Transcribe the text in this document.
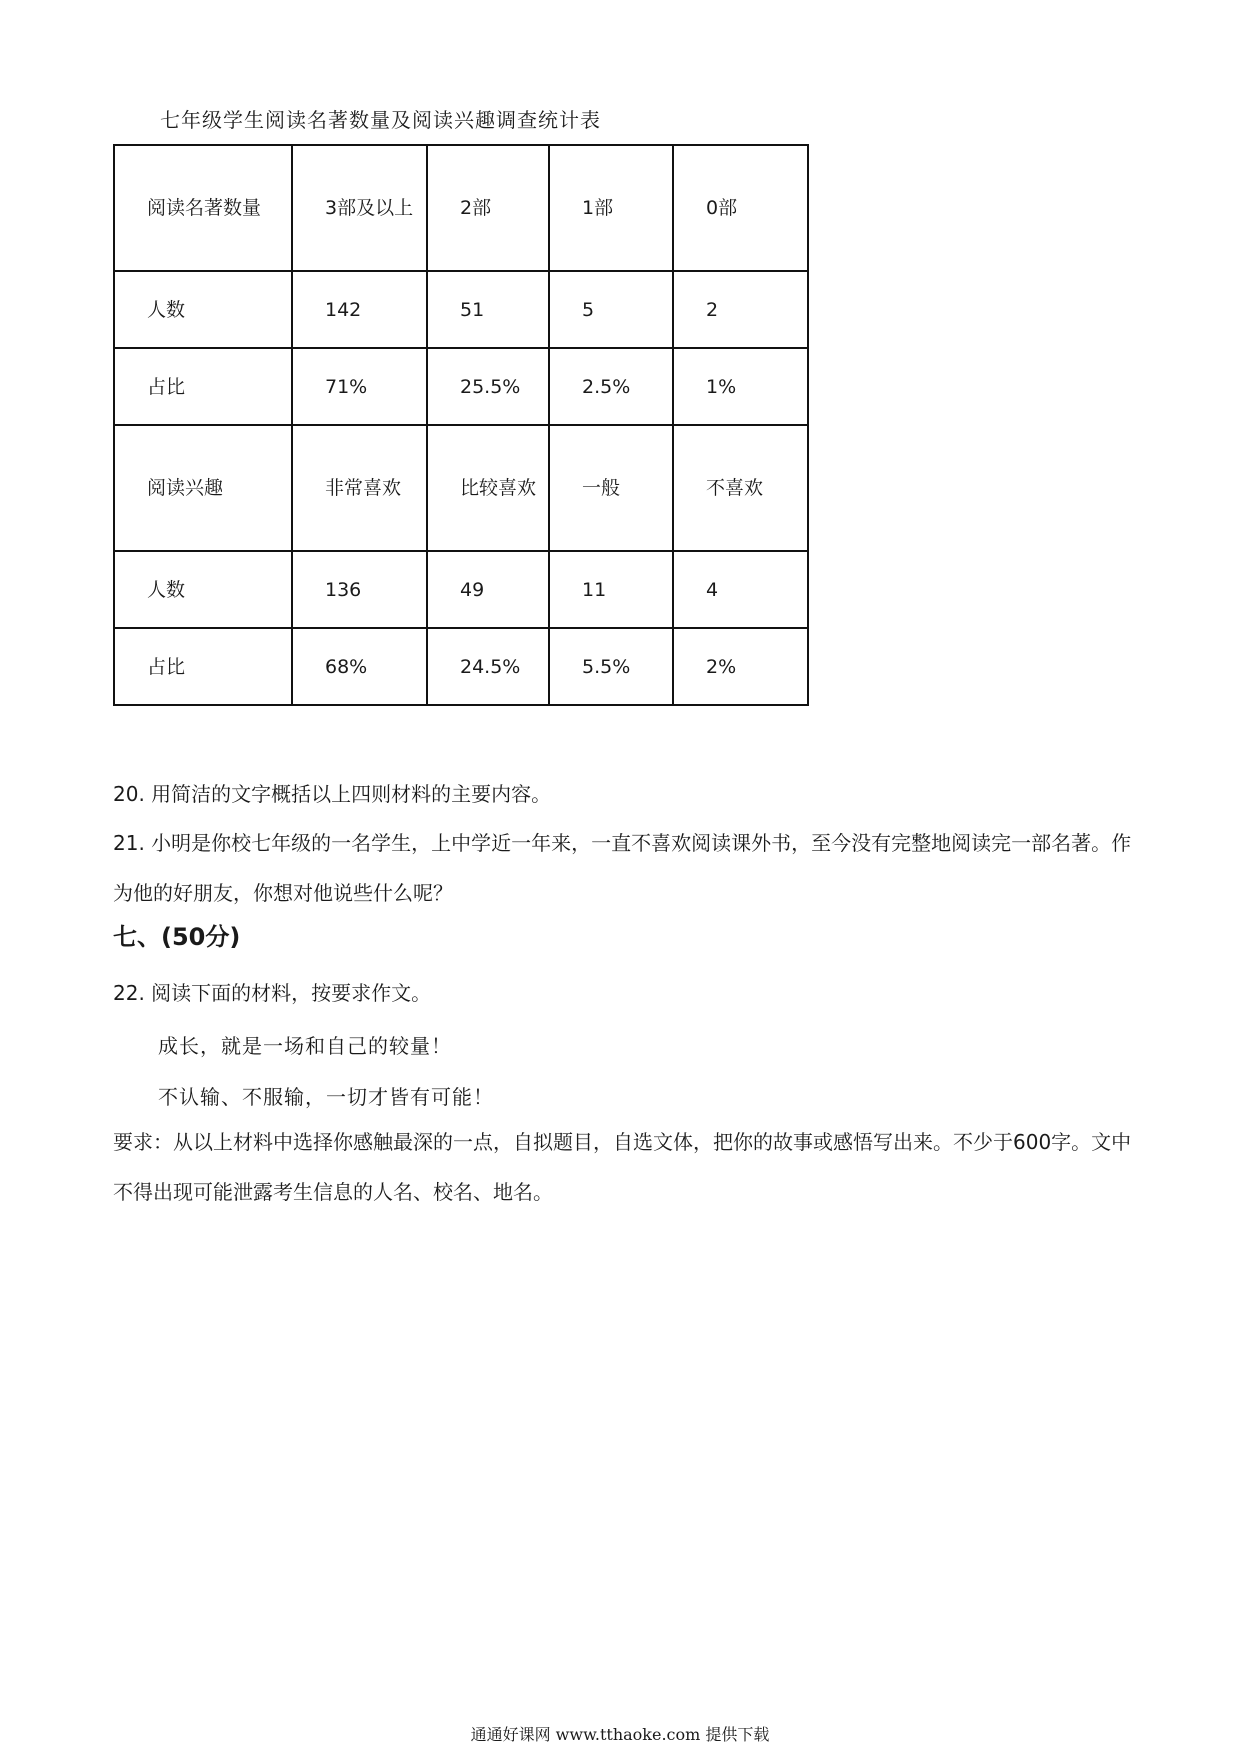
七年级学生阅读名著数量及阅读兴趣调查统计表
阅读名著数量	3部及以上	2部	1部	0部
人数	142	51	5	2
占比	71%	25.5%	2.5%	1%
阅读兴趣	非常喜欢	比较喜欢	一般	不喜欢
人数	136	49	11	4
占比	68%	24.5%	5.5%	2%
20. 用简洁的文字概括以上四则材料的主要内容。
21. 小明是你校七年级的一名学生，上中学近一年来，一直不喜欢阅读课外书，至今没有完整地阅读完一部名著。作为他的好朋友，你想对他说些什么呢？
七、(50分)
22. 阅读下面的材料，按要求作文。
成长，就是一场和自己的较量！
不认输、不服输，一切才皆有可能！
要求：从以上材料中选择你感触最深的一点，自拟题目，自选文体，把你的故事或感悟写出来。不少于600字。文中不得出现可能泄露考生信息的人名、校名、地名。
通通好课网 www.tthaoke.com 提供下载
